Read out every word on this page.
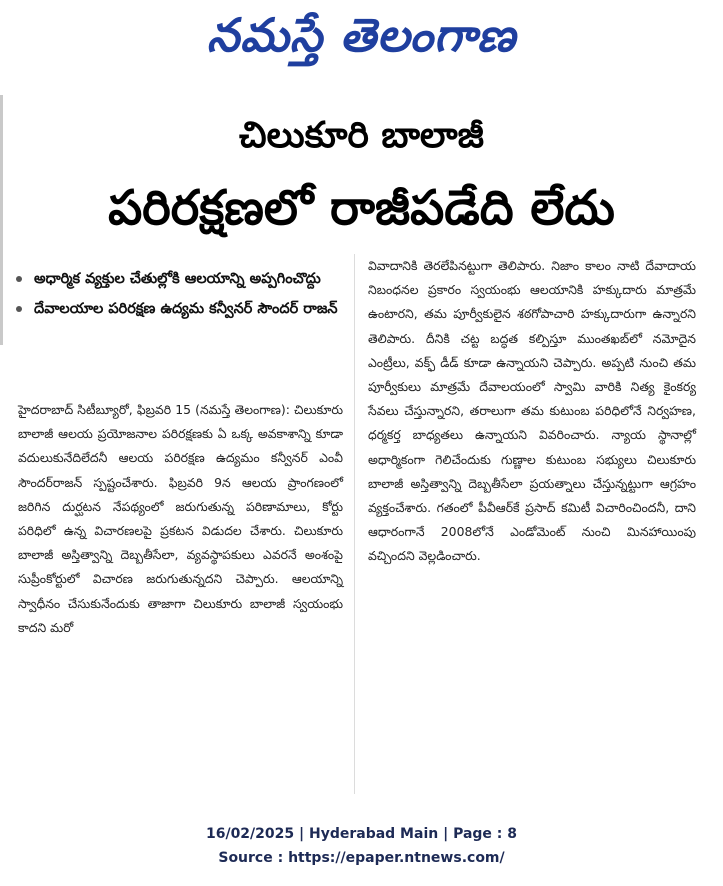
నమస్తే తెలంగాణ
చిలుకూరి బాలాజీ
పరిరక్షణలో రాజీపడేది లేదు
అధార్మిక వ్యక్తుల చేతుల్లోకి ఆలయాన్ని అప్పగించొద్దు
దేవాలయాల పరిరక్షణ ఉద్యమ కన్వీనర్ సౌందర్ రాజన్

హైదరాబాద్ సిటీబ్యూరో, ఫిబ్రవరి 15 (నమస్తే తెలంగాణ): చిలుకూరు బాలాజీ ఆలయ ప్రయోజనాల పరిరక్షణకు ఏ ఒక్క అవకాశాన్ని కూడా వదులుకునేదిలేదనీ ఆలయ పరిరక్షణ ఉద్యమం కన్వీనర్ ఎంవీ సౌందర్‌రాజన్ స్పష్టంచేశారు. ఫిబ్రవరి 9న ఆలయ ప్రాంగణంలో జరిగిన దుర్ఘటన నేపథ్యంలో జరుగుతున్న పరిణామాలు, కోర్టు పరిధిలో ఉన్న విచారణలపై ప్రకటన విడుదల చేశారు. చిలుకూరు బాలాజీ అస్తిత్వాన్ని దెబ్బతీసేలా, వ్యవస్థాపకులు ఎవరనే అంశంపై సుప్రీంకోర్టులో విచారణ జరుగుతున్నదని చెప్పారు. ఆలయాన్ని స్వాధీనం చేసుకునేందుకు తాజాగా చిలుకూరు బాలాజీ స్వయంభు కాదని మరో

వివాదానికి తెరలేపినట్టుగా తెలిపారు. నిజాం కాలం నాటి దేవాదాయ నిబంధనల ప్రకారం స్వయంభు ఆలయానికి హక్కుదారు మాత్రమే ఉంటారని, తమ పూర్వీకులైన శఠగోపాచారి హక్కుదారుగా ఉన్నారని తెలిపారు. దీనికి చట్ట బద్ధత కల్పిస్తూ ముంతఖబ్‌లో నమోదైన ఎంట్రీలు, వక్ఫ్ డీడ్ కూడా ఉన్నాయని చెప్పారు. అప్పటి నుంచి తమ పూర్వీకులు మాత్రమే దేవాలయంలో స్వామి వారికి నిత్య కైంకర్య సేవలు చేస్తున్నారని, తరాలుగా తమ కుటుంబ పరిధిలోనే నిర్వహణ, ధర్మకర్త బాధ్యతలు ఉన్నాయని వివరించారు. న్యాయ స్థానాల్లో అధార్మికంగా గెలిచేందుకు గుణ్ణాల కుటుంబ సభ్యులు చిలుకూరు బాలాజీ అస్తిత్వాన్ని దెబ్బతీసేలా ప్రయత్నాలు చేస్తున్నట్టుగా ఆగ్రహం వ్యక్తంచేశారు. గతంలో పీవీఆర్‌కే ప్రసాద్ కమిటీ విచారించిందనీ, దాని ఆధారంగానే 2008లోనే ఎండోమెంట్ నుంచి మినహాయింపు వచ్చిందని వెల్లడించారు.

16/02/2025 | Hyderabad Main | Page : 8
Source : https://epaper.ntnews.com/
